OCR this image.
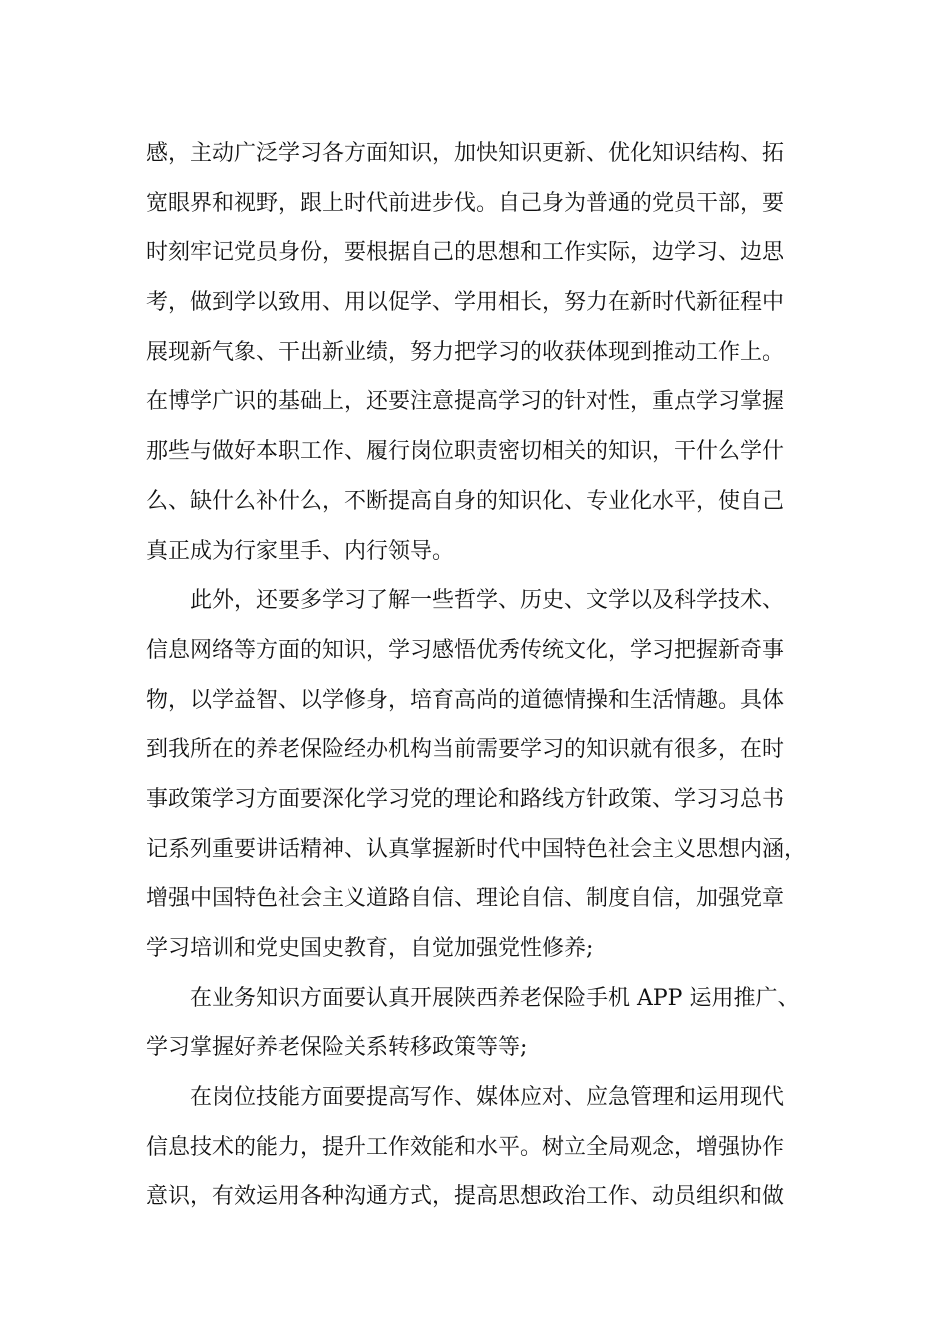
感，主动广泛学习各方面知识，加快知识更新、优化知识结构、拓
宽眼界和视野，跟上时代前进步伐。自己身为普通的党员干部，要
时刻牢记党员身份，要根据自己的思想和工作实际，边学习、边思
考，做到学以致用、用以促学、学用相长，努力在新时代新征程中
展现新气象、干出新业绩，努力把学习的收获体现到推动工作上。
在博学广识的基础上，还要注意提高学习的针对性，重点学习掌握
那些与做好本职工作、履行岗位职责密切相关的知识，干什么学什
么、缺什么补什么，不断提高自身的知识化、专业化水平，使自己
真正成为行家里手、内行领导。
此外，还要多学习了解一些哲学、历史、文学以及科学技术、
信息网络等方面的知识，学习感悟优秀传统文化，学习把握新奇事
物，以学益智、以学修身，培育高尚的道德情操和生活情趣。具体
到我所在的养老保险经办机构当前需要学习的知识就有很多，在时
事政策学习方面要深化学习党的理论和路线方针政策、学习习总书
记系列重要讲话精神、认真掌握新时代中国特色社会主义思想内涵，
增强中国特色社会主义道路自信、理论自信、制度自信，加强党章
学习培训和党史国史教育，自觉加强党性修养;
在业务知识方面要认真开展陕西养老保险手机 APP 运用推广、
学习掌握好养老保险关系转移政策等等;
在岗位技能方面要提高写作、媒体应对、应急管理和运用现代
信息技术的能力，提升工作效能和水平。树立全局观念，增强协作
意识，有效运用各种沟通方式，提高思想政治工作、动员组织和做
